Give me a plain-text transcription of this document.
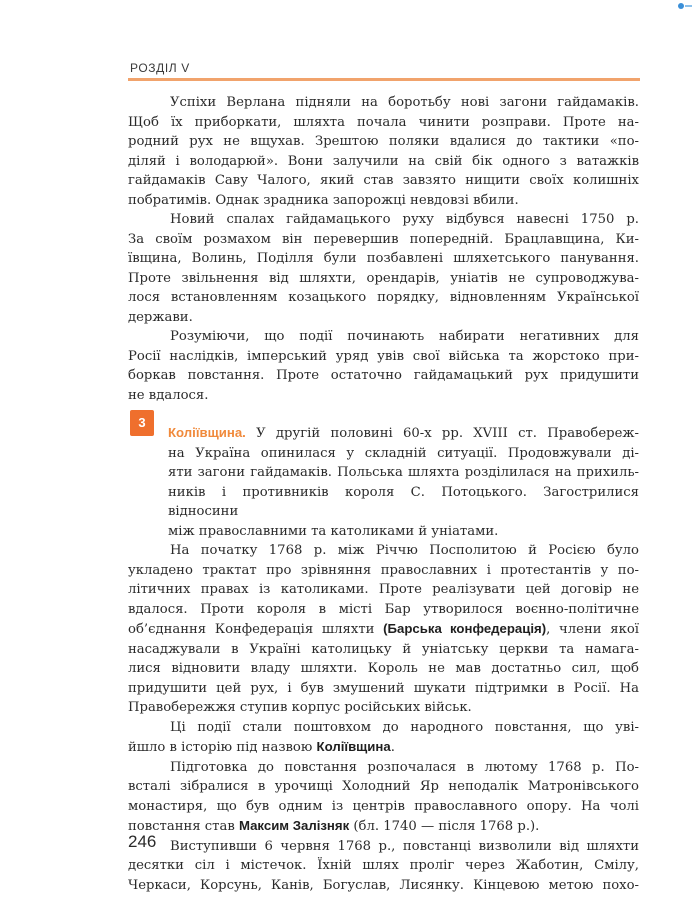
РОЗДІЛ V
3

Успіхи Верлана підняли на боротьбу нові загони гайдамаків.

Щоб їх приборкати, шляхта почала чинити розправи. Проте на-

родний рух не вщухав. Зрештою поляки вдалися до тактики «по-

діляй і володарюй». Вони залучили на свій бік одного з ватажків

гайдамаків Саву Чалого, який став завзято нищити своїх колишніх

побратимів. Однак зрадника запорожці невдовзі вбили.

Новий спалах гайдамацького руху відбувся навесні 1750 р.

За своїм розмахом він перевершив попередній. Брацлавщина, Ки-

ївщина, Волинь, Поділля були позбавлені шляхетського панування.

Проте звільнення від шляхти, орендарів, уніатів не супроводжува-

лося встановленням козацького порядку, відновленням Української

держави.

Розуміючи, що події починають набирати негативних для

Росії наслідків, імперський уряд увів свої війська та жорстоко при-

боркав повстання. Проте остаточно гайдамацький рух придушити

не вдалося.

Коліївщина. У другій половині 60-х рр. XVIII ст. Правобереж-

на Україна опинилася у складній ситуації. Продовжували ді-

яти загони гайдамаків. Польська шляхта розділилася на прихиль-

ників і противників короля С. Потоцького. Загострилися відносини

між православними та католиками й уніатами.

На початку 1768 р. між Річчю Посполитою й Росією було

укладено трактат про зрівняння православних і протестантів у по-

літичних правах із католиками. Проте реалізувати цей договір не

вдалося. Проти короля в місті Бар утворилося воєнно-політичне

об’єднання Конфедерація шляхти (Барська конфедерація), члени якої

насаджували в Україні католицьку й уніатську церкви та намага-

лися відновити владу шляхти. Король не мав достатньо сил, щоб

придушити цей рух, і був змушений шукати підтримки в Росії. На

Правобережжя ступив корпус російських військ.

Ці події стали поштовхом до народного повстання, що уві-

йшло в історію під назвою Коліївщина.

Підготовка до повстання розпочалася в лютому 1768 р. По-

всталі зібралися в урочищі Холодний Яр неподалік Матронівського

монастиря, що був одним із центрів православного опору. На чолі

повстання став Максим Залізняк (бл. 1740 — після 1768 р.).

Виступивши 6 червня 1768 р., повстанці визволили від шляхти

десятки сіл і містечок. Їхній шлях проліг через Жаботин, Смілу,

Черкаси, Корсунь, Канів, Богуслав, Лисянку. Кінцевою метою похо-

246
